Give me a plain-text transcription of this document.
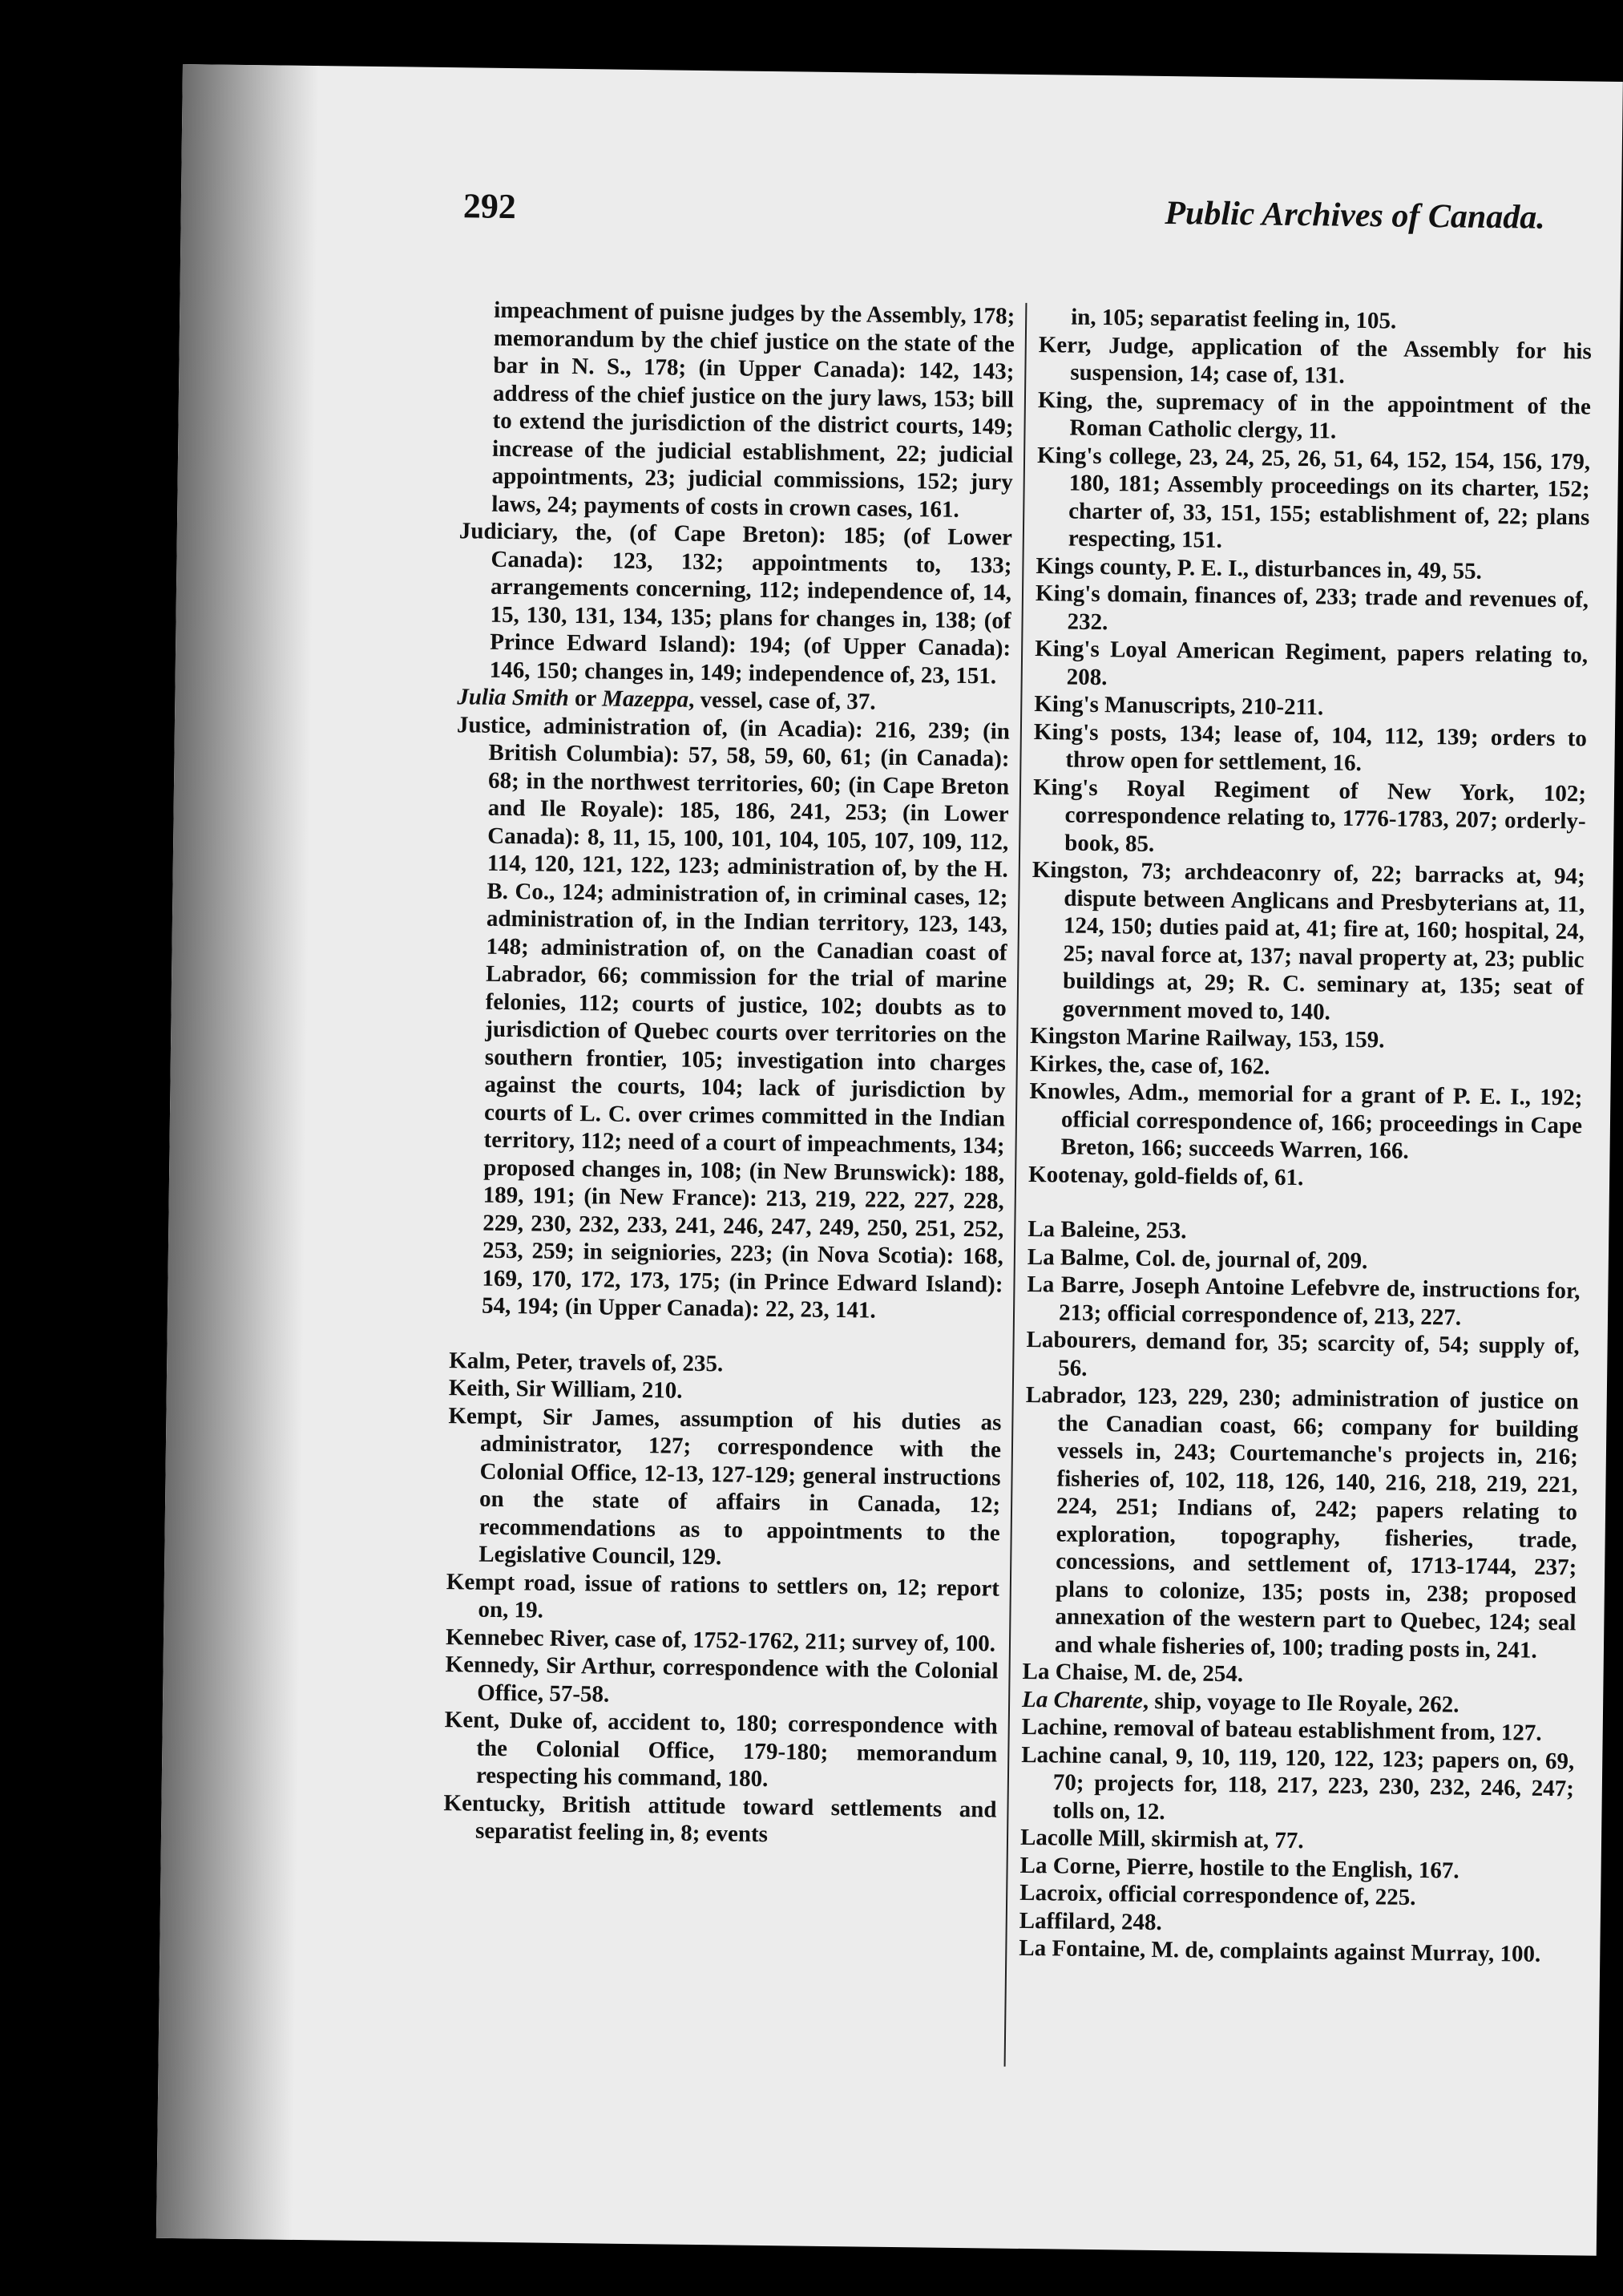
292	Public Archives of Canada.

impeachment of puisne judges by the Assembly, 178; memorandum by the chief justice on the state of the bar in N. S., 178; (in Upper Canada): 142, 143; address of the chief justice on the jury laws, 153; bill to extend the jurisdiction of the district courts, 149; increase of the judicial establishment, 22; judicial appointments, 23; judicial commissions, 152; jury laws, 24; payments of costs in crown cases, 161.

Judiciary, the, (of Cape Breton): 185; (of Lower Canada): 123, 132; appointments to, 133; arrangements concerning, 112; independence of, 14, 15, 130, 131, 134, 135; plans for changes in, 138; (of Prince Edward Island): 194; (of Upper Canada): 146, 150; changes in, 149; independence of, 23, 151.

Julia Smith or Mazeppa, vessel, case of, 37.

Justice, administration of, (in Acadia): 216, 239; (in British Columbia): 57, 58, 59, 60, 61; (in Canada): 68; in the northwest territories, 60; (in Cape Breton and Ile Royale): 185, 186, 241, 253; (in Lower Canada): 8, 11, 15, 100, 101, 104, 105, 107, 109, 112, 114, 120, 121, 122, 123; administration of, by the H. B. Co., 124; administration of, in criminal cases, 12; administration of, in the Indian territory, 123, 143, 148; administration of, on the Canadian coast of Labrador, 66; commission for the trial of marine felonies, 112; courts of justice, 102; doubts as to jurisdiction of Quebec courts over territories on the southern frontier, 105; investigation into charges against the courts, 104; lack of jurisdiction by courts of L. C. over crimes committed in the Indian territory, 112; need of a court of impeachments, 134; proposed changes in, 108; (in New Brunswick): 188, 189, 191; (in New France): 213, 219, 222, 227, 228, 229, 230, 232, 233, 241, 246, 247, 249, 250, 251, 252, 253, 259; in seigniories, 223; (in Nova Scotia): 168, 169, 170, 172, 173, 175; (in Prince Edward Island): 54, 194; (in Upper Canada): 22, 23, 141.

Kalm, Peter, travels of, 235.

Keith, Sir William, 210.

Kempt, Sir James, assumption of his duties as administrator, 127; correspondence with the Colonial Office, 12-13, 127-129; general instructions on the state of affairs in Canada, 12; recommendations as to appointments to the Legislative Council, 129.

Kempt road, issue of rations to settlers on, 12; report on, 19.

Kennebec River, case of, 1752-1762, 211; survey of, 100.

Kennedy, Sir Arthur, correspondence with the Colonial Office, 57-58.

Kent, Duke of, accident to, 180; correspondence with the Colonial Office, 179-180; memorandum respecting his command, 180.

Kentucky, British attitude toward settlements and separatist feeling in, 8; events

in, 105; separatist feeling in, 105.

Kerr, Judge, application of the Assembly for his suspension, 14; case of, 131.

King, the, supremacy of in the appointment of the Roman Catholic clergy, 11.

King's college, 23, 24, 25, 26, 51, 64, 152, 154, 156, 179, 180, 181; Assembly proceedings on its charter, 152; charter of, 33, 151, 155; establishment of, 22; plans respecting, 151.

Kings county, P. E. I., disturbances in, 49, 55.

King's domain, finances of, 233; trade and revenues of, 232.

King's Loyal American Regiment, papers relating to, 208.

King's Manuscripts, 210-211.

King's posts, 134; lease of, 104, 112, 139; orders to throw open for settlement, 16.

King's Royal Regiment of New York, 102; correspondence relating to, 1776-1783, 207; orderly-book, 85.

Kingston, 73; archdeaconry of, 22; barracks at, 94; dispute between Anglicans and Presbyterians at, 11, 124, 150; duties paid at, 41; fire at, 160; hospital, 24, 25; naval force at, 137; naval property at, 23; public buildings at, 29; R. C. seminary at, 135; seat of government moved to, 140.

Kingston Marine Railway, 153, 159.

Kirkes, the, case of, 162.

Knowles, Adm., memorial for a grant of P. E. I., 192; official correspondence of, 166; proceedings in Cape Breton, 166; succeeds Warren, 166.

Kootenay, gold-fields of, 61.

La Baleine, 253.

La Balme, Col. de, journal of, 209.

La Barre, Joseph Antoine Lefebvre de, instructions for, 213; official correspondence of, 213, 227.

Labourers, demand for, 35; scarcity of, 54; supply of, 56.

Labrador, 123, 229, 230; administration of justice on the Canadian coast, 66; company for building vessels in, 243; Courtemanche's projects in, 216; fisheries of, 102, 118, 126, 140, 216, 218, 219, 221, 224, 251; Indians of, 242; papers relating to exploration, topography, fisheries, trade, concessions, and settlement of, 1713-1744, 237; plans to colonize, 135; posts in, 238; proposed annexation of the western part to Quebec, 124; seal and whale fisheries of, 100; trading posts in, 241.

La Chaise, M. de, 254.

La Charente, ship, voyage to Ile Royale, 262.

Lachine, removal of bateau establishment from, 127.

Lachine canal, 9, 10, 119, 120, 122, 123; papers on, 69, 70; projects for, 118, 217, 223, 230, 232, 246, 247; tolls on, 12.

Lacolle Mill, skirmish at, 77.

La Corne, Pierre, hostile to the English, 167.

Lacroix, official correspondence of, 225.

Laffilard, 248.

La Fontaine, M. de, complaints against Murray, 100.
